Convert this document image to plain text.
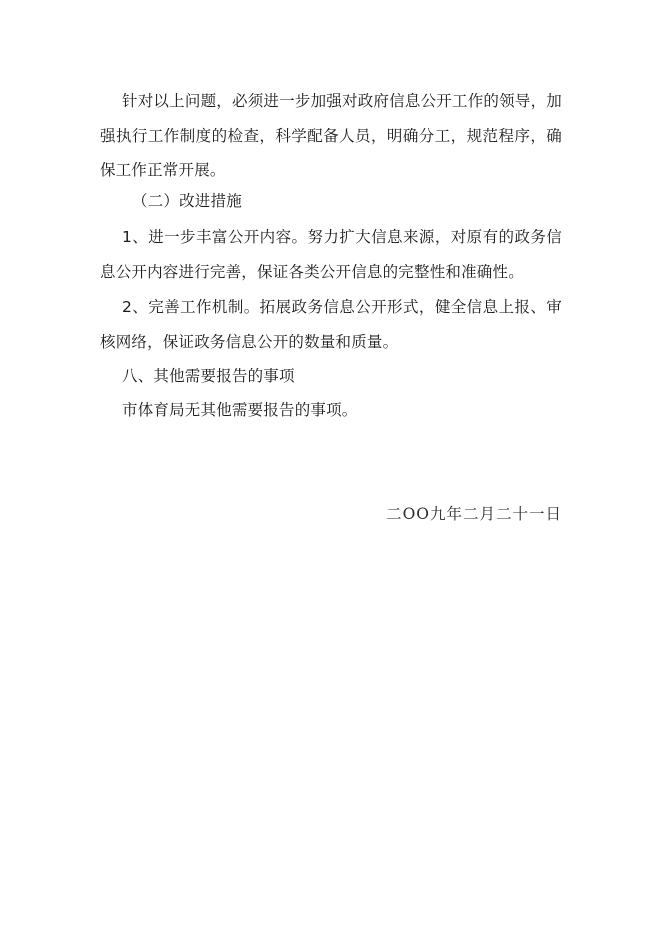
针对以上问题，必须进一步加强对政府信息公开工作的领导，加强执行工作制度的检查，科学配备人员，明确分工，规范程序，确保工作正常开展。
（二）改进措施
1、进一步丰富公开内容。努力扩大信息来源，对原有的政务信息公开内容进行完善，保证各类公开信息的完整性和准确性。
2、完善工作机制。拓展政务信息公开形式，健全信息上报、审核网络，保证政务信息公开的数量和质量。
八、其他需要报告的事项
市体育局无其他需要报告的事项。
二OO九年二月二十一日
